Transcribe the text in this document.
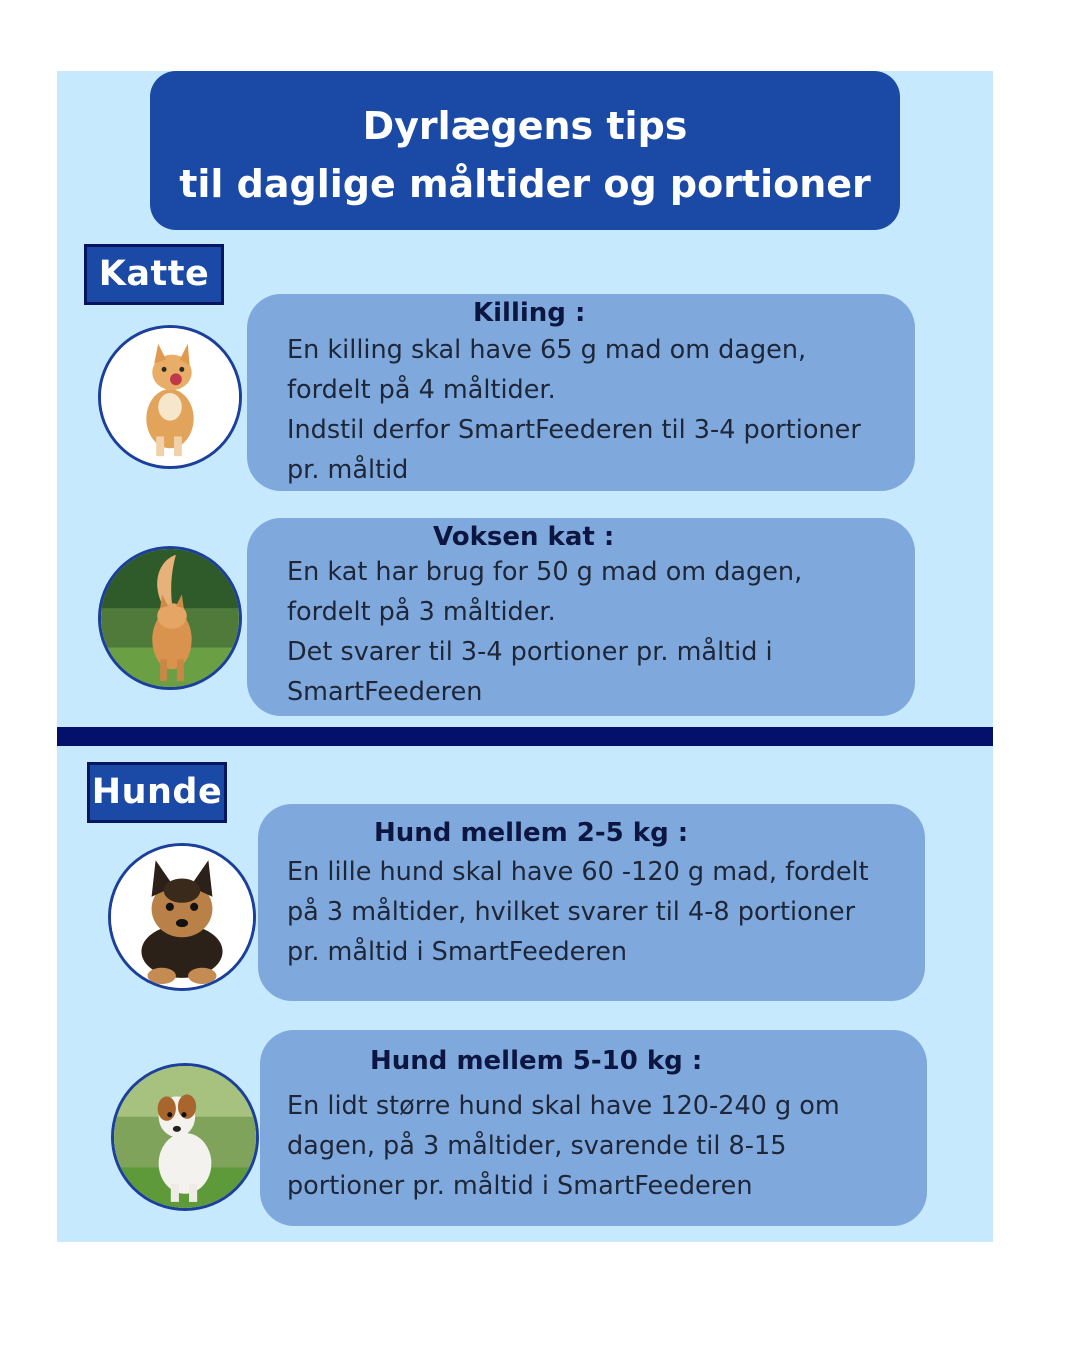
Dyrlægens tips
til daglige måltider og portioner
Katte
Killing :
En killing skal have 65 g mad om dagen,
fordelt på 4 måltider.
Indstil derfor SmartFeederen til 3-4 portioner
pr. måltid
Voksen kat :
En kat har brug for 50 g mad om dagen,
fordelt på 3 måltider.
Det svarer til 3-4 portioner pr. måltid i
SmartFeederen
Hunde
Hund mellem 2-5 kg :
En lille hund skal have 60 -120 g mad, fordelt
på 3 måltider, hvilket svarer til 4-8 portioner
pr. måltid i SmartFeederen
Hund mellem 5-10 kg :
En lidt større hund skal have 120-240 g om
dagen, på 3 måltider, svarende til 8-15
portioner pr. måltid i SmartFeederen
